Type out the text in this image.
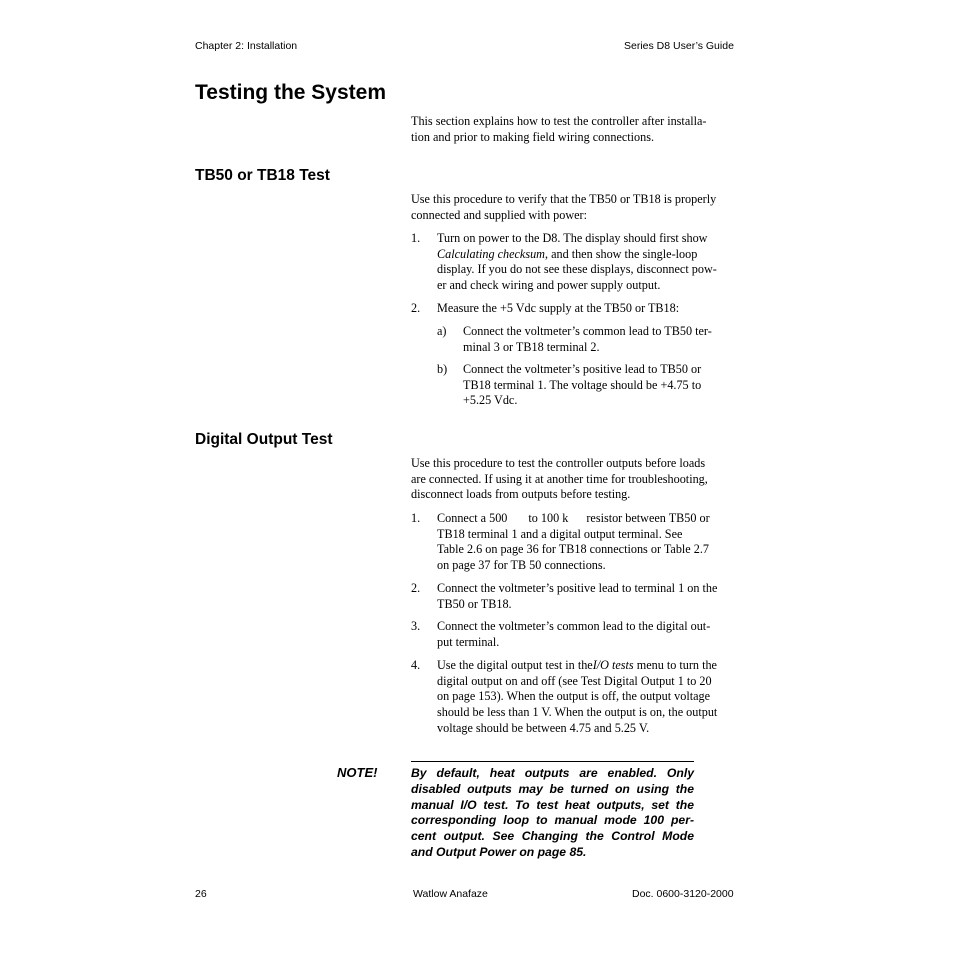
Chapter 2: Installation	Series D8 User’s Guide
Testing the System
This section explains how to test the controller after installa-
tion and prior to making field wiring connections.
TB50 or TB18 Test
Use this procedure to verify that the TB50 or TB18 is properly
connected and supplied with power:
1. Turn on power to the D8. The display should first show
Calculating checksum, and then show the single-loop
display. If you do not see these displays, disconnect pow-
er and check wiring and power supply output.
2. Measure the +5 Vdc supply at the TB50 or TB18:
a) Connect the voltmeter’s common lead to TB50 ter-
minal 3 or TB18 terminal 2.
b) Connect the voltmeter’s positive lead to TB50 or
TB18 terminal 1. The voltage should be +4.75 to
+5.25 Vdc.
Digital Output Test
Use this procedure to test the controller outputs before loads
are connected. If using it at another time for troubleshooting,
disconnect loads from outputs before testing.
1. Connect a 500 to 100 k resistor between TB50 or
TB18 terminal 1 and a digital output terminal. See
Table 2.6 on page 36 for TB18 connections or Table 2.7
on page 37 for TB 50 connections.
2. Connect the voltmeter’s positive lead to terminal 1 on the
TB50 or TB18.
3. Connect the voltmeter’s common lead to the digital out-
put terminal.
4. Use the digital output test in theI/O tests menu to turn the
digital output on and off (see Test Digital Output 1 to 20
on page 153). When the output is off, the output voltage
should be less than 1 V. When the output is on, the output
voltage should be between 4.75 and 5.25 V.
NOTE!	By default, heat outputs are enabled. Only
disabled outputs may be turned on using the
manual I/O test. To test heat outputs, set the
corresponding loop to manual mode 100 per-
cent output. See Changing the Control Mode
and Output Power on page 85.
26	Watlow Anafaze	Doc. 0600-3120-2000
